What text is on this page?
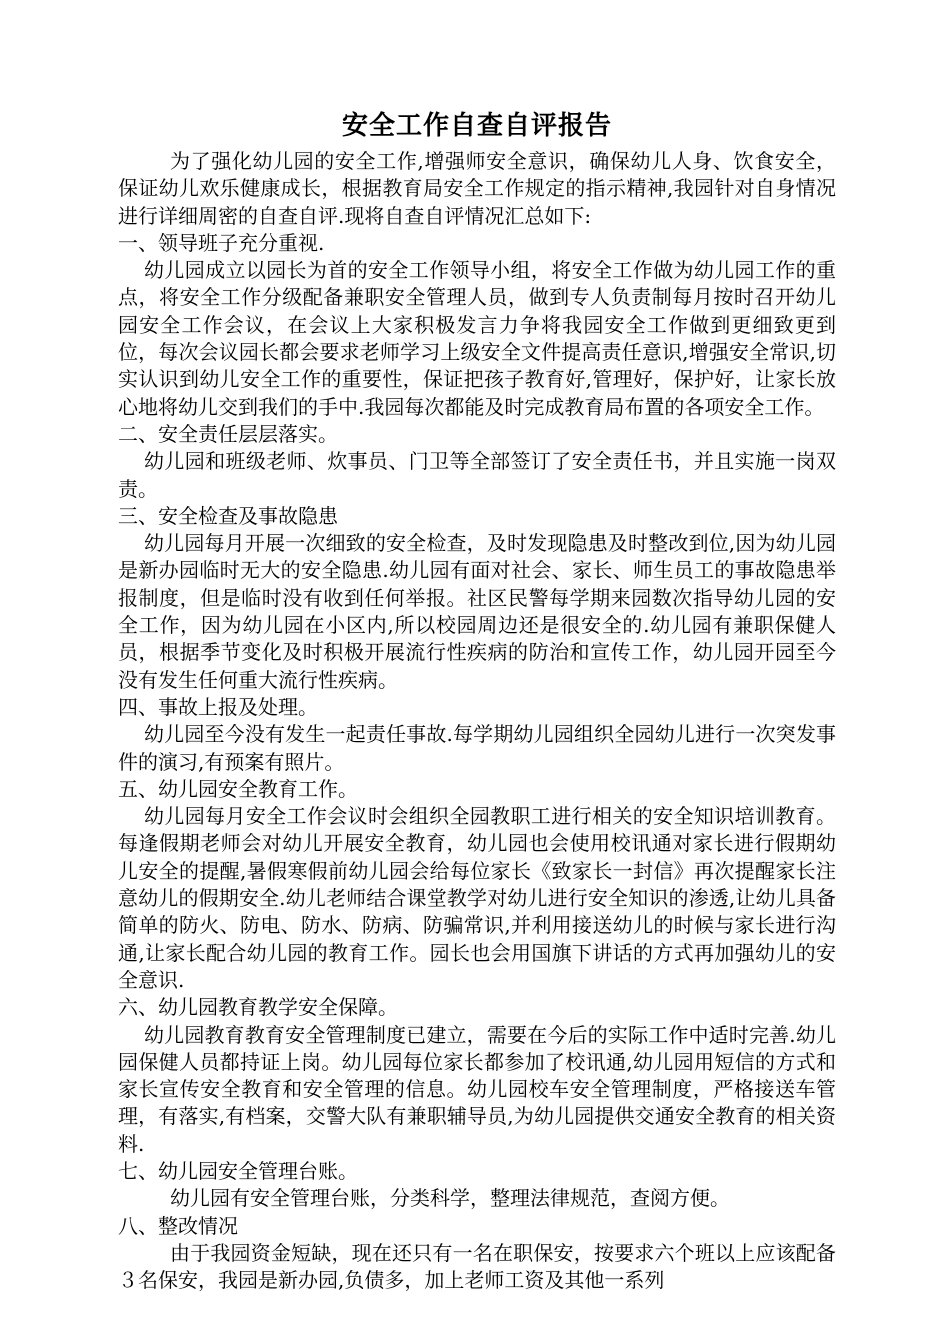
安全工作自查自评报告

为了强化幼儿园的安全工作,增强师安全意识，确保幼儿人身、饮食安全，保证幼儿欢乐健康成长，根据教育局安全工作规定的指示精神,我园针对自身情况进行详细周密的自查自评.现将自查自评情况汇总如下:

一、领导班子充分重视.

幼儿园成立以园长为首的安全工作领导小组，将安全工作做为幼儿园工作的重点，将安全工作分级配备兼职安全管理人员，做到专人负责制每月按时召开幼儿园安全工作会议，在会议上大家积极发言力争将我园安全工作做到更细致更到位，每次会议园长都会要求老师学习上级安全文件提高责任意识,增强安全常识,切实认识到幼儿安全工作的重要性，保证把孩子教育好,管理好，保护好，让家长放心地将幼儿交到我们的手中.我园每次都能及时完成教育局布置的各项安全工作。

二、安全责任层层落实。

幼儿园和班级老师、炊事员、门卫等全部签订了安全责任书，并且实施一岗双责。

三、安全检查及事故隐患

幼儿园每月开展一次细致的安全检查，及时发现隐患及时整改到位,因为幼儿园是新办园临时无大的安全隐患.幼儿园有面对社会、家长、师生员工的事故隐患举报制度，但是临时没有收到任何举报。社区民警每学期来园数次指导幼儿园的安全工作，因为幼儿园在小区内,所以校园周边还是很安全的.幼儿园有兼职保健人员，根据季节变化及时积极开展流行性疾病的防治和宣传工作，幼儿园开园至今没有发生任何重大流行性疾病。

四、事故上报及处理。

幼儿园至今没有发生一起责任事故.每学期幼儿园组织全园幼儿进行一次突发事件的演习,有预案有照片。

五、幼儿园安全教育工作。

幼儿园每月安全工作会议时会组织全园教职工进行相关的安全知识培训教育。每逢假期老师会对幼儿开展安全教育，幼儿园也会使用校讯通对家长进行假期幼儿安全的提醒,暑假寒假前幼儿园会给每位家长《致家长一封信》再次提醒家长注意幼儿的假期安全.幼儿老师结合课堂教学对幼儿进行安全知识的渗透,让幼儿具备简单的防火、防电、防水、防病、防骗常识,并利用接送幼儿的时候与家长进行沟通,让家长配合幼儿园的教育工作。园长也会用国旗下讲话的方式再加强幼儿的安全意识.

六、幼儿园教育教学安全保障。

幼儿园教育教育安全管理制度已建立，需要在今后的实际工作中适时完善.幼儿园保健人员都持证上岗。幼儿园每位家长都参加了校讯通,幼儿园用短信的方式和家长宣传安全教育和安全管理的信息。幼儿园校车安全管理制度，严格接送车管理，有落实,有档案，交警大队有兼职辅导员,为幼儿园提供交通安全教育的相关资料.

七、幼儿园安全管理台账。

幼儿园有安全管理台账，分类科学，整理法律规范，查阅方便。

八、整改情况

由于我园资金短缺，现在还只有一名在职保安，按要求六个班以上应该配备３名保安，我园是新办园,负债多，加上老师工资及其他一系列
